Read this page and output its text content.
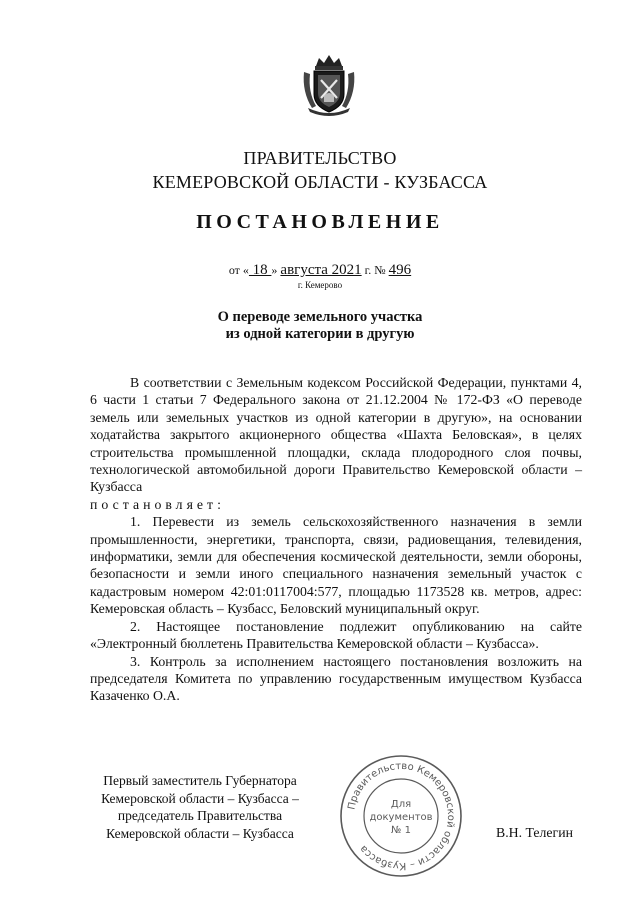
ПРАВИТЕЛЬСТВО
КЕМЕРОВСКОЙ ОБЛАСТИ - КУЗБАССА
ПОСТАНОВЛЕНИЕ
от « 18 » августа 2021 г. № 496
г. Кемерово
О переводе земельного участка
из одной категории в другую

В соответствии с Земельным кодексом Российской Федерации, пунктами 4, 6 части 1 статьи 7 Федерального закона от 21.12.2004 № 172-ФЗ «О переводе земель или земельных участков из одной категории в другую», на основании ходатайства закрытого акционерного общества «Шахта Беловская», в целях строительства промышленной площадки, склада плодородного слоя почвы, технологической автомобильной дороги Правительство Кемеровской области – Кузбасса

постановляет:

1. Перевести из земель сельскохозяйственного назначения в земли промышленности, энергетики, транспорта, связи, радиовещания, телевидения, информатики, земли для обеспечения космической деятельности, земли обороны, безопасности и земли иного специального назначения земельный участок с кадастровым номером 42:01:0117004:577, площадью 1173528 кв. метров, адрес: Кемеровская область – Кузбасс, Беловский муниципальный округ.

2. Настоящее постановление подлежит опубликованию на сайте «Электронный бюллетень Правительства Кемеровской области – Кузбасса».

3. Контроль за исполнением настоящего постановления возложить на председателя Комитета по управлению государственным имуществом Кузбасса Казаченко О.А.

Первый заместитель Губернатора
Кемеровской области – Кузбасса –
председатель Правительства
Кемеровской области – Кузбасса
Правительство Кемеровской области – Кузбасса
Для
документов
№ 1	В.Н. Телегин
